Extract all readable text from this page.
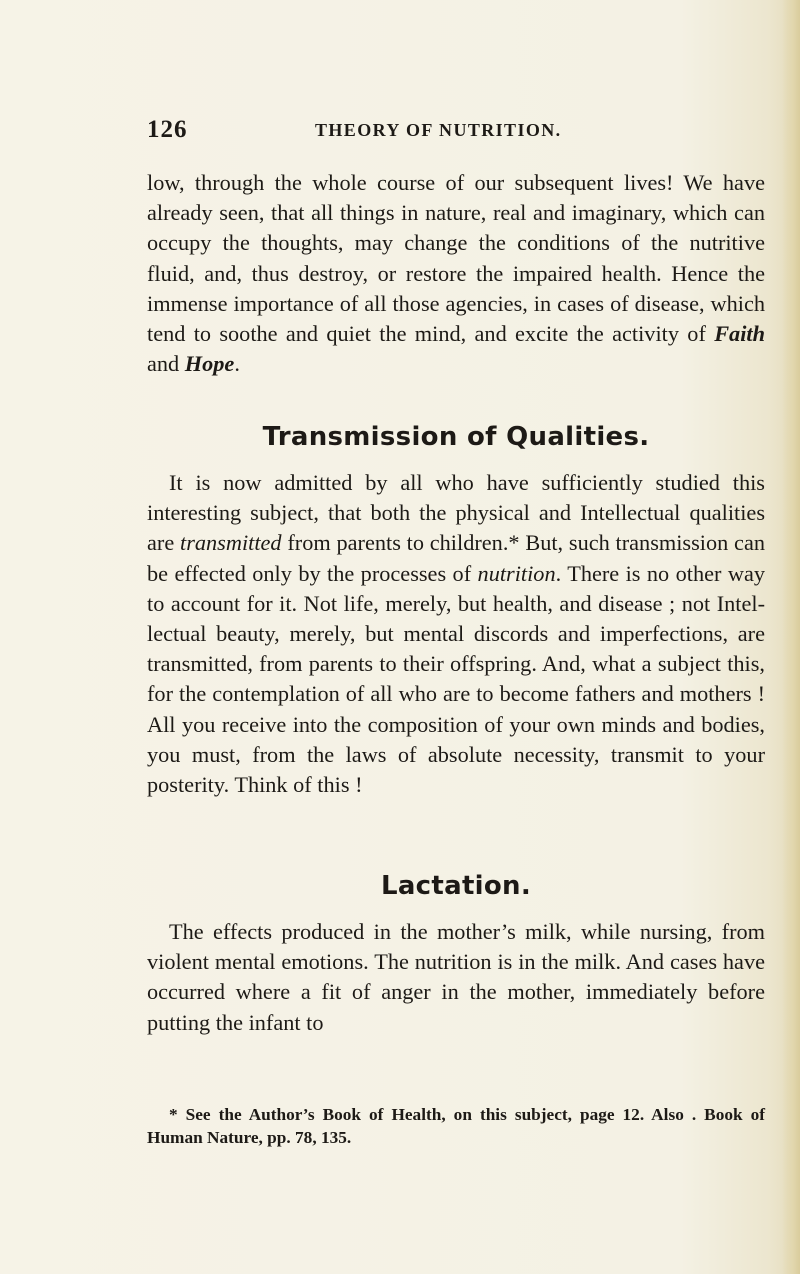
126	THEORY OF NUTRITION.

low, through the whole course of our subsequent lives! We have already seen, that all things in nature, real and imaginary, which can occupy the thoughts, may change the conditions of the nutritive fluid, and, thus destroy, or restore the impaired health. Hence the immense importance of all those agencies, in cases of disease, which tend to soothe and quiet the mind, and excite the activity of Faith and Hope.

Transmission of Qualities.

It is now admitted by all who have sufficiently studied this interesting subject, that both the physical and Intellectual qualities are transmitted from parents to children.* But, such transmission can be effected only by the processes of nutrition. There is no other way to account for it. Not life, merely, but health, and disease ; not Intellectual beauty, merely, but mental discords and imperfections, are transmitted, from parents to their offspring. And, what a subject this, for the contemplation of all who are to become fathers and mothers ! All you receive into the composition of your own minds and bodies, you must, from the laws of absolute necessity, transmit to your posterity. Think of this !

Lactation.

The effects produced in the mother’s milk, while nursing, from violent mental emotions. The nutrition is in the milk. And cases have occurred where a fit of anger in the mother, immediately before putting the infant to

* See the Author’s Book of Health, on this subject, page 12. Also . Book of Human Nature, pp. 78, 135.
